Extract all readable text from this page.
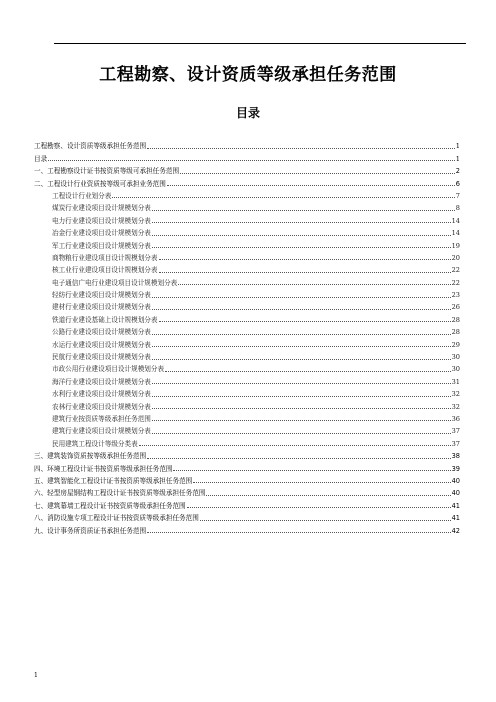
工程勘察、设计资质等级承担任务范围
目录
工程勘察、设计资质等级承担任务范围	1
目录	1
一、工程勘察设计证书按资质等级可承担任务范围	2
二、工程设计行业资质按等级可承担业务范围	6
工程设计行业划分表	7
煤炭行业建设项目设计规模划分表	8
电力行业建设项目设计规模划分表	14
冶金行业建设项目设计规模划分表	14
军工行业建设项目设计规模划分表	19
商物粮行业建设项目设计规模划分表	20
核工业行业建设项目设计规模划分表	22
电子通信广电行业建设项目设计规模划分表	22
轻纺行业建设项目设计规模划分表	23
建材行业建设项目设计规模划分表	26
铁道行业建设基础上设计规模划分表	28
公路行业建设项目设计规模划分表	28
水运行业建设项目设计规模划分表	29
民航行业建设项目设计规模划分表	30
市政公用行业建设项目设计规模划分表	30
海洋行业建设项目设计规模划分表	31
水利行业建设项目设计规模划分表	32
农林行业建设项目设计规模划分表	32
建筑行业按资质等级承担任务范围	36
建筑行业建设项目设计规模划分表	37
民用建筑工程设计等级分类表	37
三、建筑装饰资质按等级承担任务范围	38
四、环境工程设计证书按资质等级承担任务范围	39
五、建筑智能化工程设计证书按资质等级承担任务范围	40
六、轻型房屋钢结构工程设计证书按资质等级承担任务范围	40
七、建筑幕墙工程设计证书按资质等级承担任务范围	41
八、消防设施专项工程设计证书按资质等级承担任务范围	41
九、设计事务所资质证书承担任务范围	42
1
